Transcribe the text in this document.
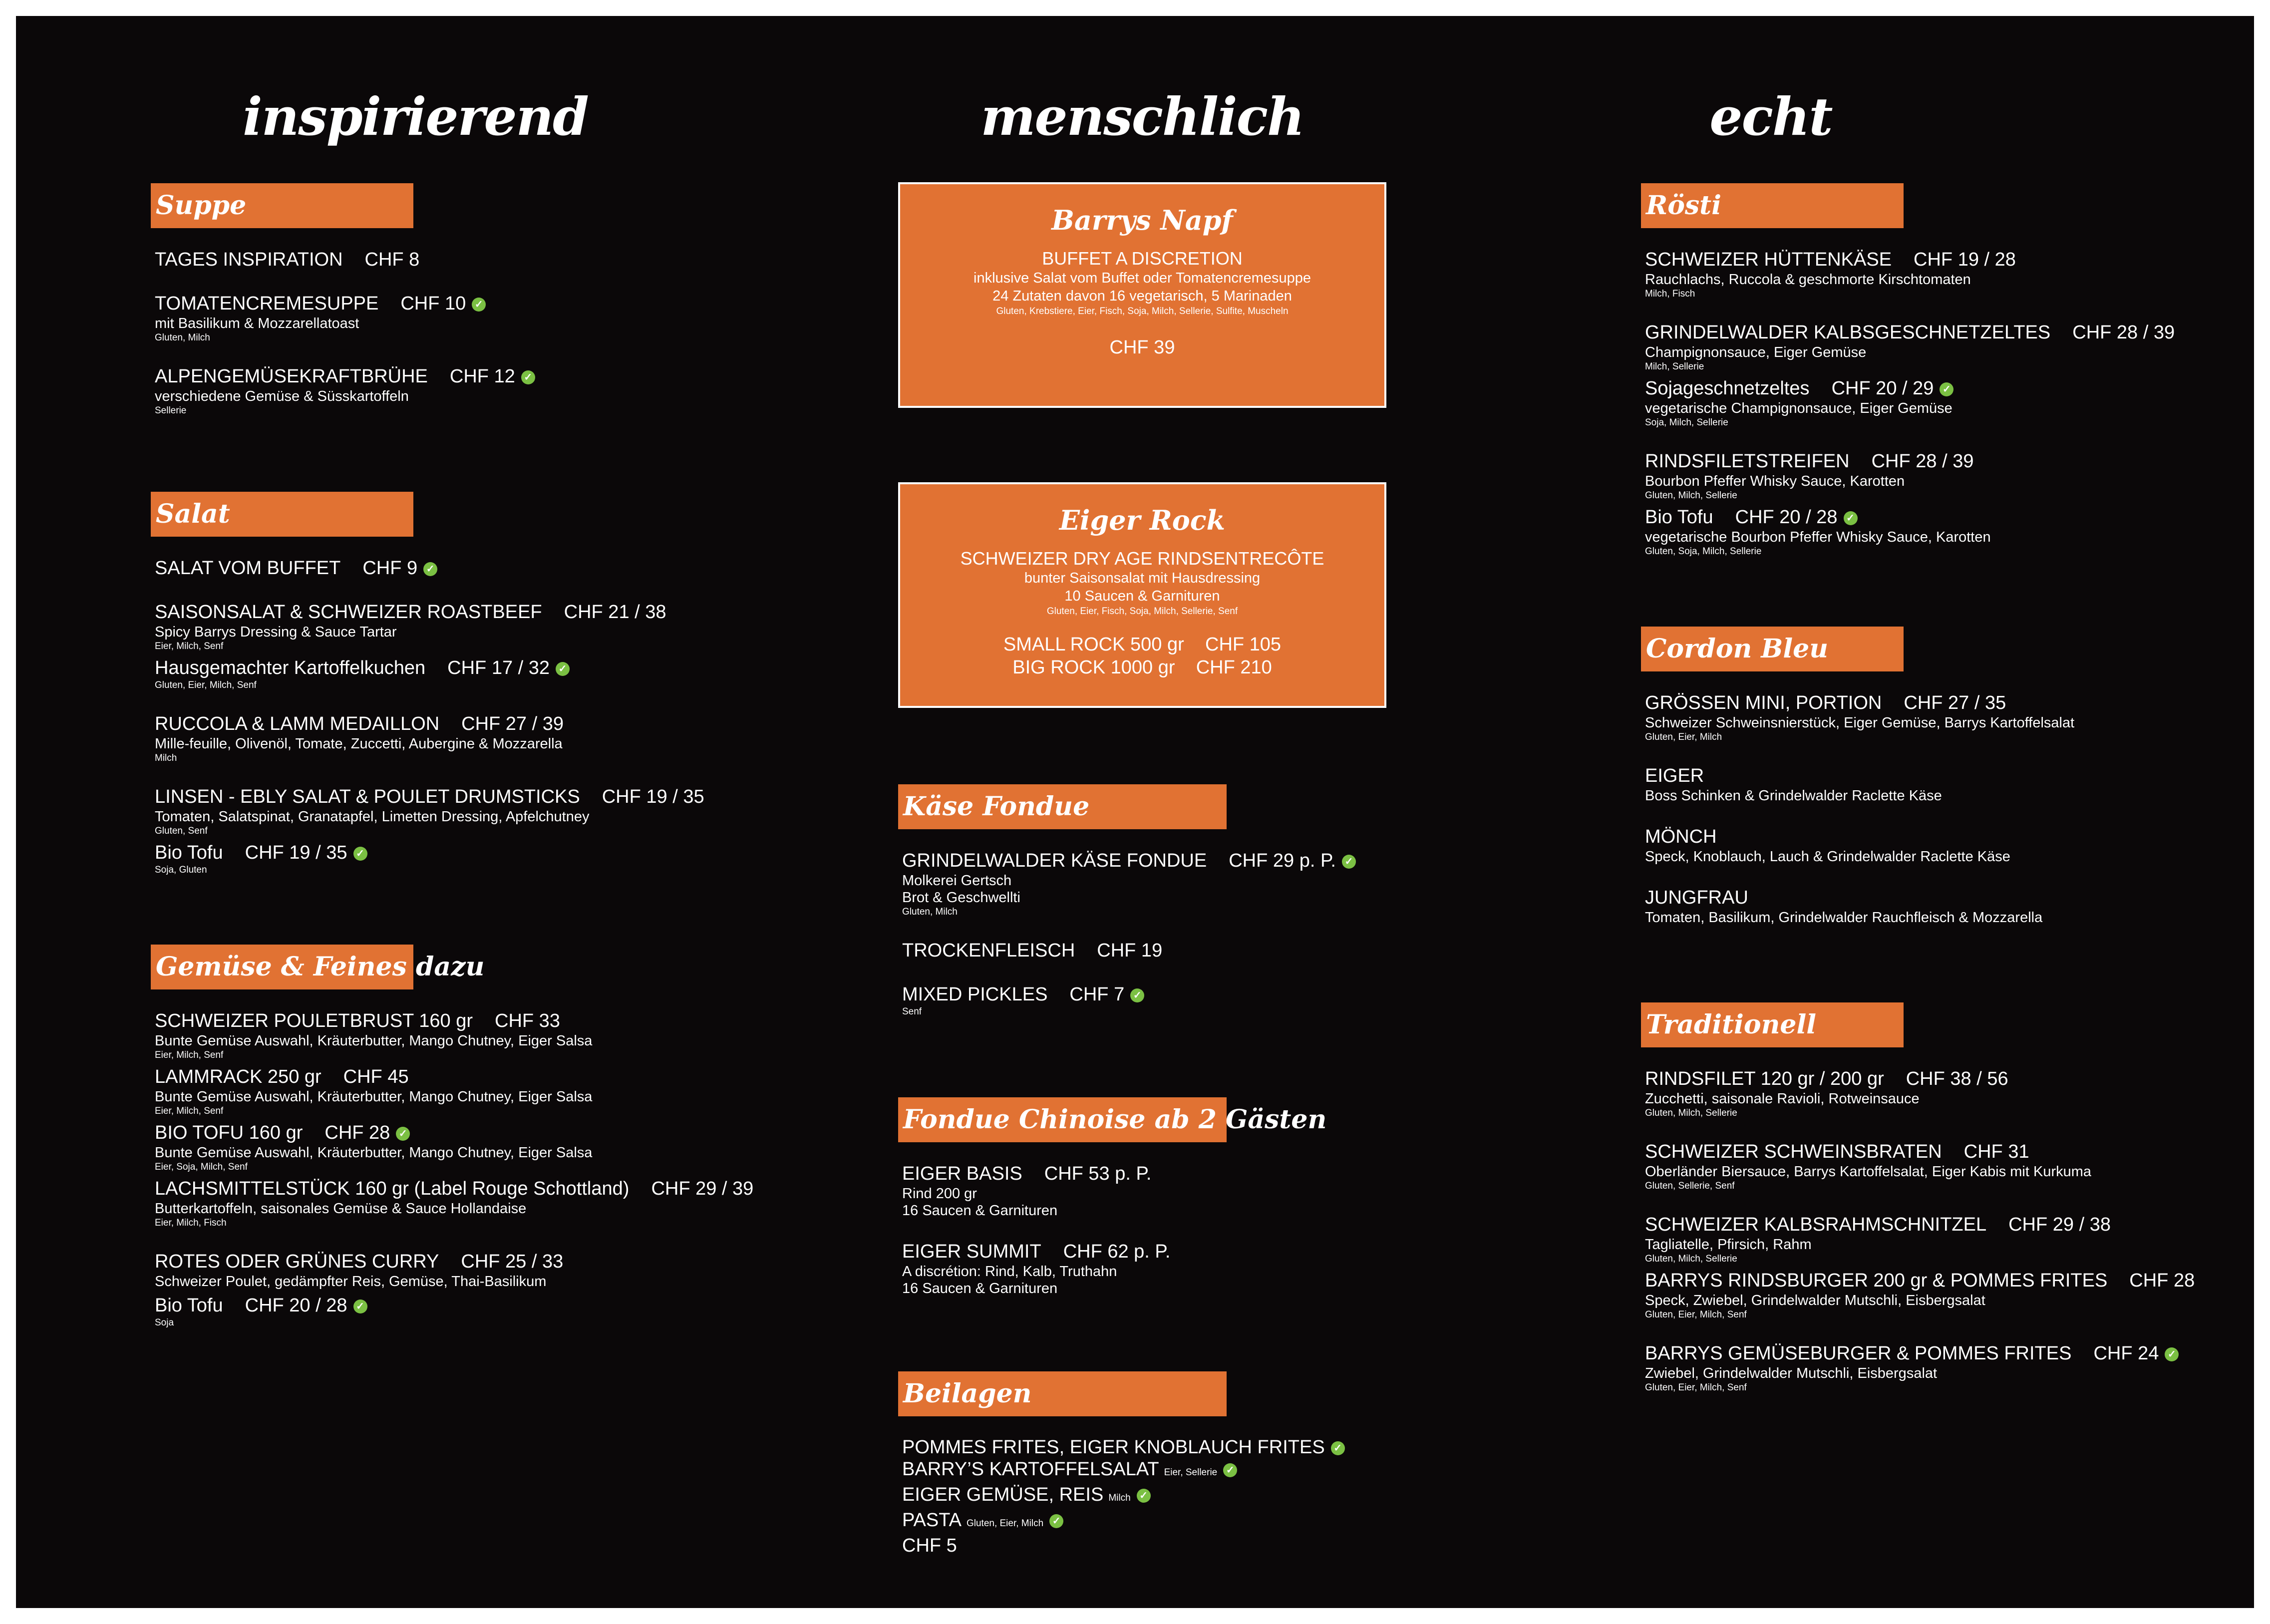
inspirierend
Suppe
TAGES INSPIRATION CHF 8
TOMATENCREMESUPPE CHF 10 ✓
mit Basilikum & Mozzarellatoast
Gluten, Milch
ALPENGEMÜSEKRAFTBRÜHE CHF 12 ✓
verschiedene Gemüse & Süsskartoffeln
Sellerie
Salat
SALAT VOM BUFFET CHF 9 ✓
SAISONSALAT & SCHWEIZER ROASTBEEF CHF 21 / 38
Spicy Barrys Dressing & Sauce Tartar
Eier, Milch, Senf
Hausgemachter Kartoffelkuchen CHF 17 / 32 ✓
Gluten, Eier, Milch, Senf
RUCCOLA & LAMM MEDAILLON CHF 27 / 39
Mille-feuille, Olivenöl, Tomate, Zuccetti, Aubergine & Mozzarella
Milch
LINSEN - EBLY SALAT & POULET DRUMSTICKS CHF 19 / 35
Tomaten, Salatspinat, Granatapfel, Limetten Dressing, Apfelchutney
Gluten, Senf
Bio Tofu CHF 19 / 35 ✓
Soja, Gluten
Gemüse & Feines dazu
SCHWEIZER POULETBRUST 160 gr CHF 33
Bunte Gemüse Auswahl, Kräuterbutter, Mango Chutney, Eiger Salsa
Eier, Milch, Senf
LAMMRACK 250 gr CHF 45
Bunte Gemüse Auswahl, Kräuterbutter, Mango Chutney, Eiger Salsa
Eier, Milch, Senf
BIO TOFU 160 gr CHF 28 ✓
Bunte Gemüse Auswahl, Kräuterbutter, Mango Chutney, Eiger Salsa
Eier, Soja, Milch, Senf
LACHSMITTELSTÜCK 160 gr (Label Rouge Schottland) CHF 29 / 39
Butterkartoffeln, saisonales Gemüse & Sauce Hollandaise
Eier, Milch, Fisch
ROTES ODER GRÜNES CURRY CHF 25 / 33
Schweizer Poulet, gedämpfter Reis, Gemüse, Thai-Basilikum
Bio Tofu CHF 20 / 28 ✓
Soja
menschlich
Barrys Napf
BUFFET A DISCRETION
inklusive Salat vom Buffet oder Tomatencremesuppe
24 Zutaten davon 16 vegetarisch, 5 Marinaden
Gluten, Krebstiere, Eier, Fisch, Soja, Milch, Sellerie, Sulfite, Muscheln
CHF 39
Eiger Rock
SCHWEIZER DRY AGE RINDSENTRECÔTE
bunter Saisonsalat mit Hausdressing
10 Saucen & Garnituren
Gluten, Eier, Fisch, Soja, Milch, Sellerie, Senf
SMALL ROCK 500 gr    CHF 105
BIG ROCK 1000 gr    CHF 210
Käse Fondue
GRINDELWALDER KÄSE FONDUE CHF 29 p. P. ✓
Molkerei Gertsch
Brot & Geschwellti
Gluten, Milch
TROCKENFLEISCH CHF 19
MIXED PICKLES CHF 7 ✓
Senf
Fondue Chinoise ab 2 Gästen
EIGER BASIS CHF 53 p. P.
Rind 200 gr
16 Saucen & Garnituren
EIGER SUMMIT CHF 62 p. P.
A discrétion: Rind, Kalb, Truthahn
16 Saucen & Garnituren
Beilagen
POMMES FRITES, EIGER KNOBLAUCH FRITES ✓
BARRY’S KARTOFFELSALAT Eier, Sellerie ✓
EIGER GEMÜSE, REIS Milch ✓
PASTA Gluten, Eier, Milch ✓
CHF 5
echt
Rösti
SCHWEIZER HÜTTENKÄSE CHF 19 / 28
Rauchlachs, Ruccola & geschmorte Kirschtomaten
Milch, Fisch
GRINDELWALDER KALBSGESCHNETZELTES CHF 28 / 39
Champignonsauce, Eiger Gemüse
Milch, Sellerie
Sojageschnetzeltes CHF 20 / 29 ✓
vegetarische Champignonsauce, Eiger Gemüse
Soja, Milch, Sellerie
RINDSFILETSTREIFEN CHF 28 / 39
Bourbon Pfeffer Whisky Sauce, Karotten
Gluten, Milch, Sellerie
Bio Tofu CHF 20 / 28 ✓
vegetarische Bourbon Pfeffer Whisky Sauce, Karotten
Gluten, Soja, Milch, Sellerie
Cordon Bleu
GRÖSSEN MINI, PORTION CHF 27 / 35
Schweizer Schweinsnierstück, Eiger Gemüse, Barrys Kartoffelsalat
Gluten, Eier, Milch
EIGER
Boss Schinken & Grindelwalder Raclette Käse
MÖNCH
Speck, Knoblauch, Lauch & Grindelwalder Raclette Käse
JUNGFRAU
Tomaten, Basilikum, Grindelwalder Rauchfleisch & Mozzarella
Traditionell
RINDSFILET 120 gr / 200 gr CHF 38 / 56
Zucchetti, saisonale Ravioli, Rotweinsauce
Gluten, Milch, Sellerie
SCHWEIZER SCHWEINSBRATEN CHF 31
Oberländer Biersauce, Barrys Kartoffelsalat, Eiger Kabis mit Kurkuma
Gluten, Sellerie, Senf
SCHWEIZER KALBSRAHMSCHNITZEL CHF 29 / 38
Tagliatelle, Pfirsich, Rahm
Gluten, Milch, Sellerie
BARRYS RINDSBURGER 200 gr & POMMES FRITES CHF 28
Speck, Zwiebel, Grindelwalder Mutschli, Eisbergsalat
Gluten, Eier, Milch, Senf
BARRYS GEMÜSEBURGER & POMMES FRITES CHF 24 ✓
Zwiebel, Grindelwalder Mutschli, Eisbergsalat
Gluten, Eier, Milch, Senf
